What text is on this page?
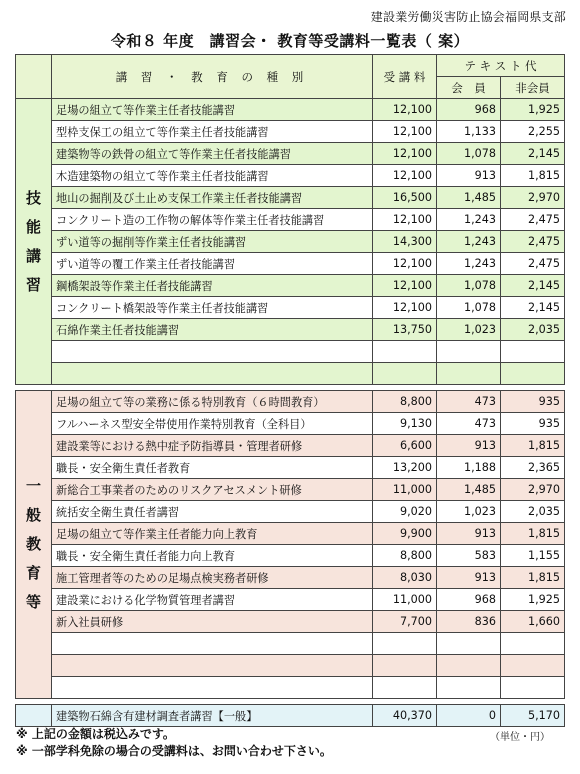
建設業労働災害防止協会福岡県支部
令和８ 年度　講習会・ 教育等受講料一覧表（ 案）
	講 習 ・ 教 育 の 種 別	受 講 料	テ キ ス ト 代	
			会　員	非会員

技
能
講
習	足場の組立て等作業主任者技能講習	12,100	968	1,925
	型枠支保工の組立て等作業主任者技能講習	12,100	1,133	2,255
	建築物等の鉄骨の組立て等作業主任者技能講習	12,100	1,078	2,145
	木造建築物の組立て等作業主任者技能講習	12,100	913	1,815
	地山の掘削及び土止め支保工作業主任者技能講習	16,500	1,485	2,970
	コンクリート造の工作物の解体等作業主任者技能講習	12,100	1,243	2,475
	ずい道等の掘削等作業主任者技能講習	14,300	1,243	2,475
	ずい道等の覆工作業主任者技能講習	12,100	1,243	2,475
	鋼橋架設等作業主任者技能講習	12,100	1,078	2,145
	コンクリート橋架設等作業主任者技能講習	12,100	1,078	2,145
	石綿作業主任者技能講習	13,750	1,023	2,035

一
般
教
育
等	足場の組立て等の業務に係る特別教育（６時間教育）	8,800	473	935
	フルハーネス型安全帯使用作業特別教育（全科目）	9,130	473	935
	建設業等における熱中症予防指導員・管理者研修	6,600	913	1,815
	職長・安全衛生責任者教育	13,200	1,188	2,365
	新総合工事業者のためのリスクアセスメント研修	11,000	1,485	2,970
	統括安全衛生責任者講習	9,020	1,023	2,035
	足場の組立て等作業主任者能力向上教育	9,900	913	1,815
	職長・安全衛生責任者能力向上教育	8,800	583	1,155
	施工管理者等のための足場点検実務者研修	8,030	913	1,815
	建設業における化学物質管理者講習	11,000	968	1,925
	新入社員研修	7,700	836	1,660

	建築物石綿含有建材調査者講習【一般】	40,370	0	5,170
※ 上記の金額は税込みです。
※ 一部学科免除の場合の受講料は、お問い合わせ下さい。
（単位・円）
